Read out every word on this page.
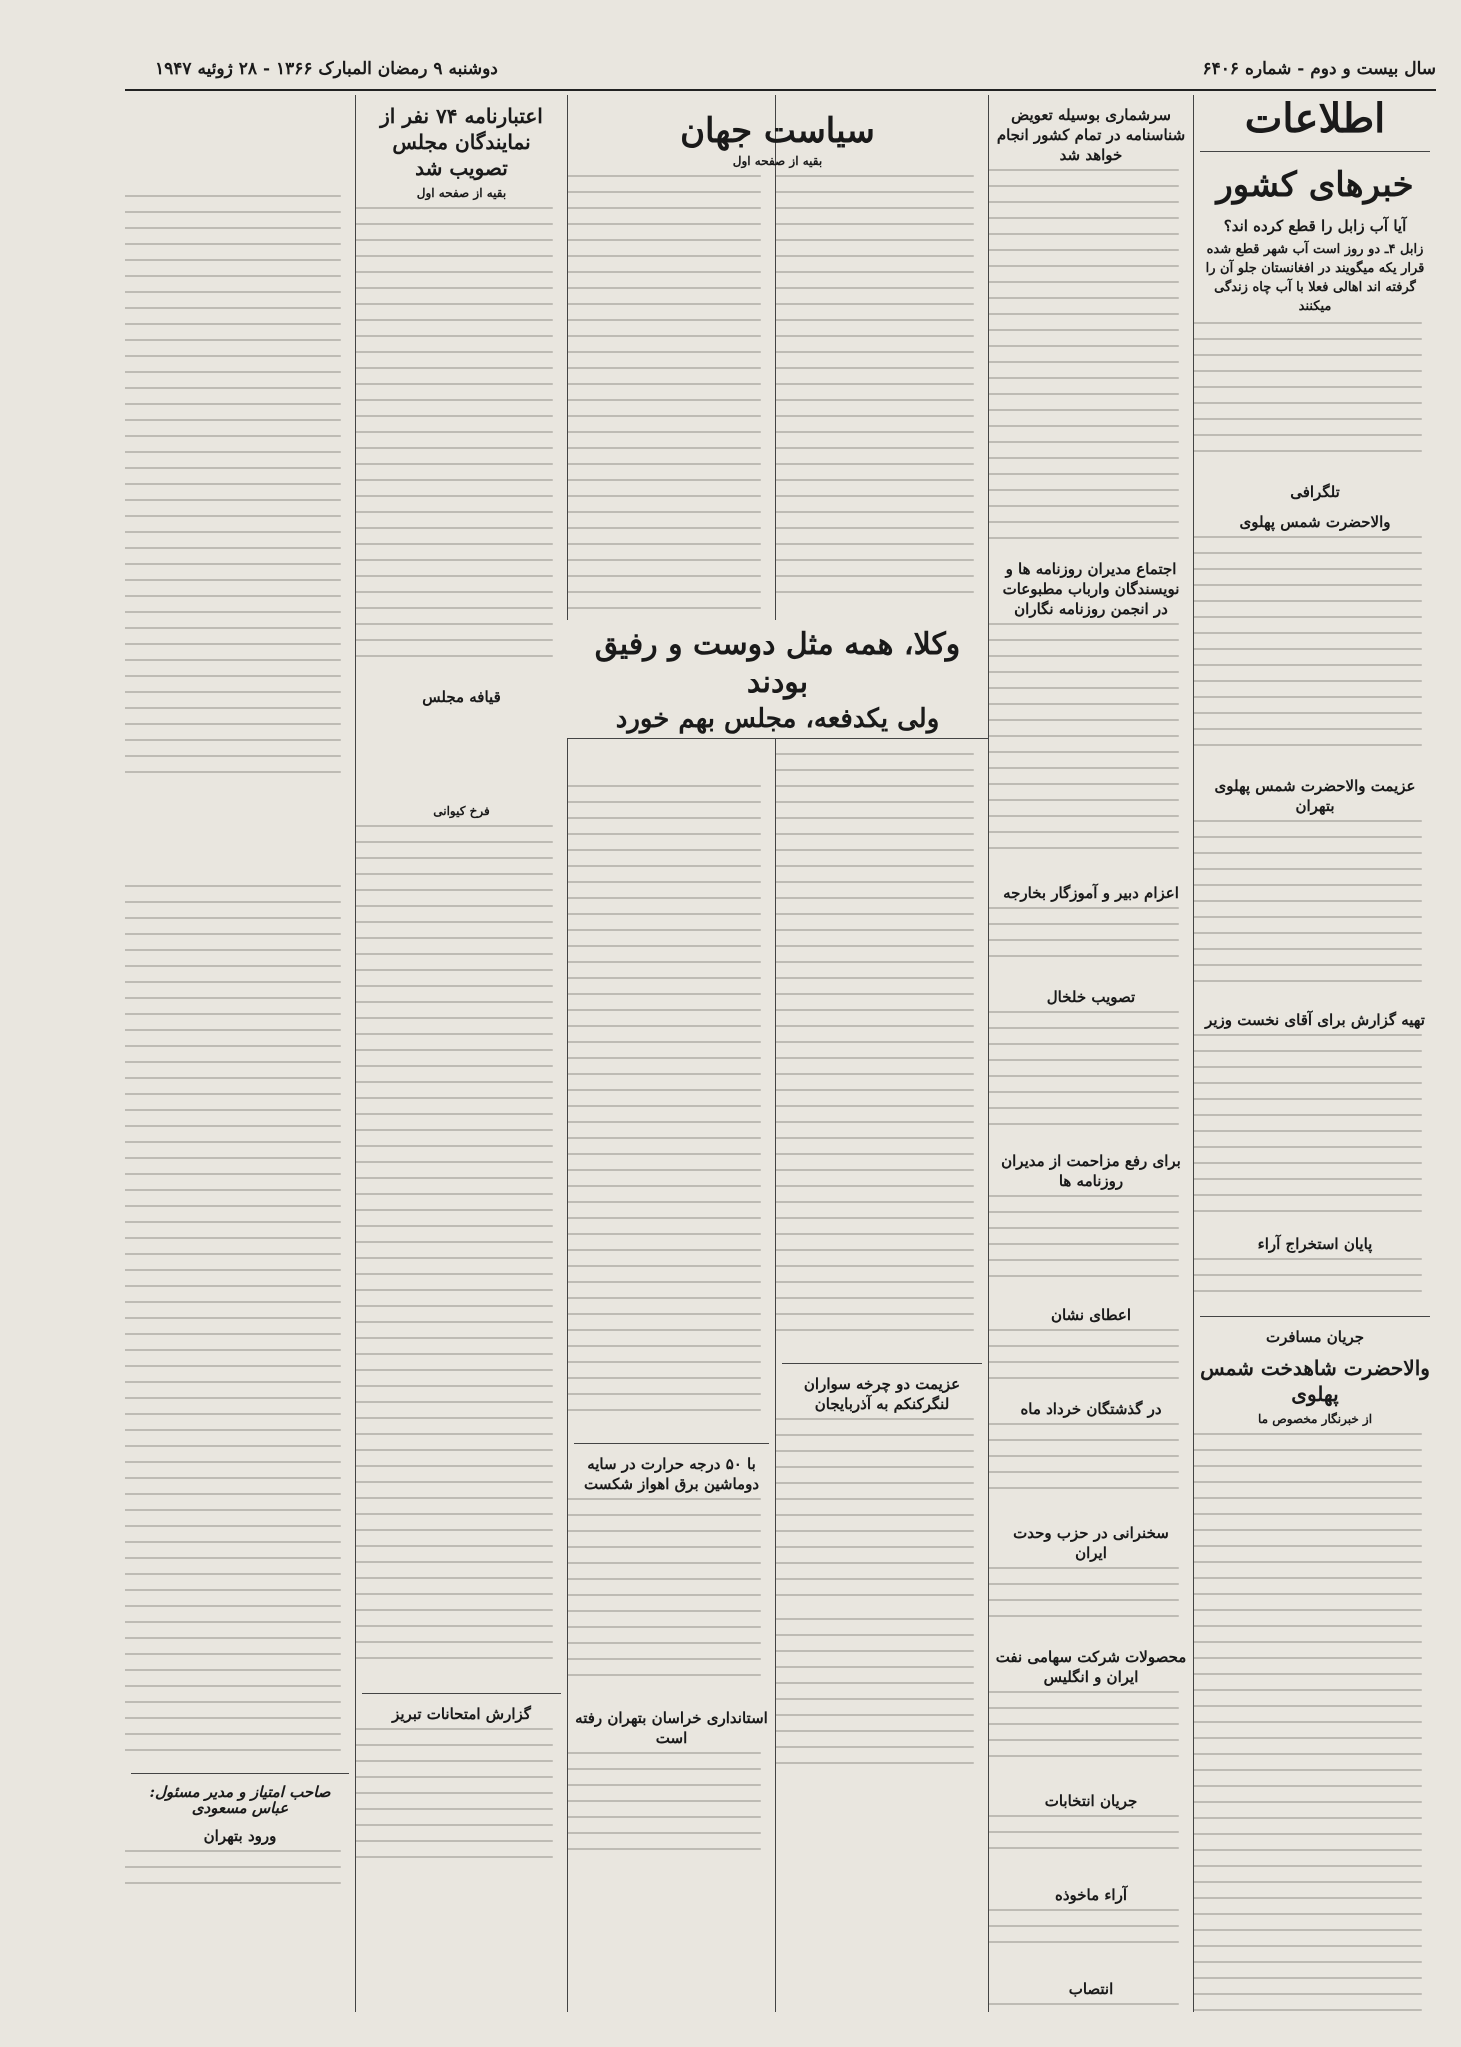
سال بیست و دوم - شماره ۶۴۰۶
دوشنبه ۹ رمضان المبارک ۱۳۶۶ - ۲۸ ژوئیه ۱۹۴۷
اطلاعات
خبرهای کشور
آیا آب زابل را قطع کرده اند؟
زابل ۴ـ دو روز است آب شهر قطع شده قرار یکه میگویند در افغانستان جلو آن را گرفته اند اهالی فعلا با آب چاه زندگی میکنند
تلگرافی
والاحضرت شمس پهلوی
عزیمت والاحضرت شمس پهلوی بتهران
تهیه گزارش برای آقای نخست وزیر
پایان استخراج آراء
جریان مسافرت
والاحضرت شاهدخت شمس پهلوی
از خبرنگار مخصوص ما
سرشماری بوسیله تعویض شناسنامه در تمام کشور انجام خواهد شد
اجتماع مدیران روزنامه ها و نویسندگان وارباب مطبوعات در انجمن روزنامه نگاران
اعزام دبیر و آموزگار بخارجه
تصویب خلخال
برای رفع مزاحمت از مدیران روزنامه ها
اعطای نشان
در گذشتگان خرداد ماه
سخنرانی در حزب وحدت ایران
محصولات شرکت سهامی نفت ایران و انگلیس
جریان انتخابات
آراء ماخوذه
انتصاب
عزیمت دو چرخه سواران لنگرکنکم به آذربایجان
با ۵۰ درجه حرارت در سایه دوماشین برق اهواز شکست
استانداری خراسان بتهران رفته است
سیاست جهان
بقیه از صفحه اول
وکلا، همه مثل دوست و رفیق بودند
ولی یکدفعه، مجلس بهم خورد
اعتبارنامه ۷۴ نفر از نمایندگان مجلس تصویب شد
بقیه از صفحه اول
قیافه مجلس
فرخ کیوانی
گزارش امتحانات تبریز
صاحب امتیاز و مدیر مسئول: عباس مسعودی
ورود بتهران
